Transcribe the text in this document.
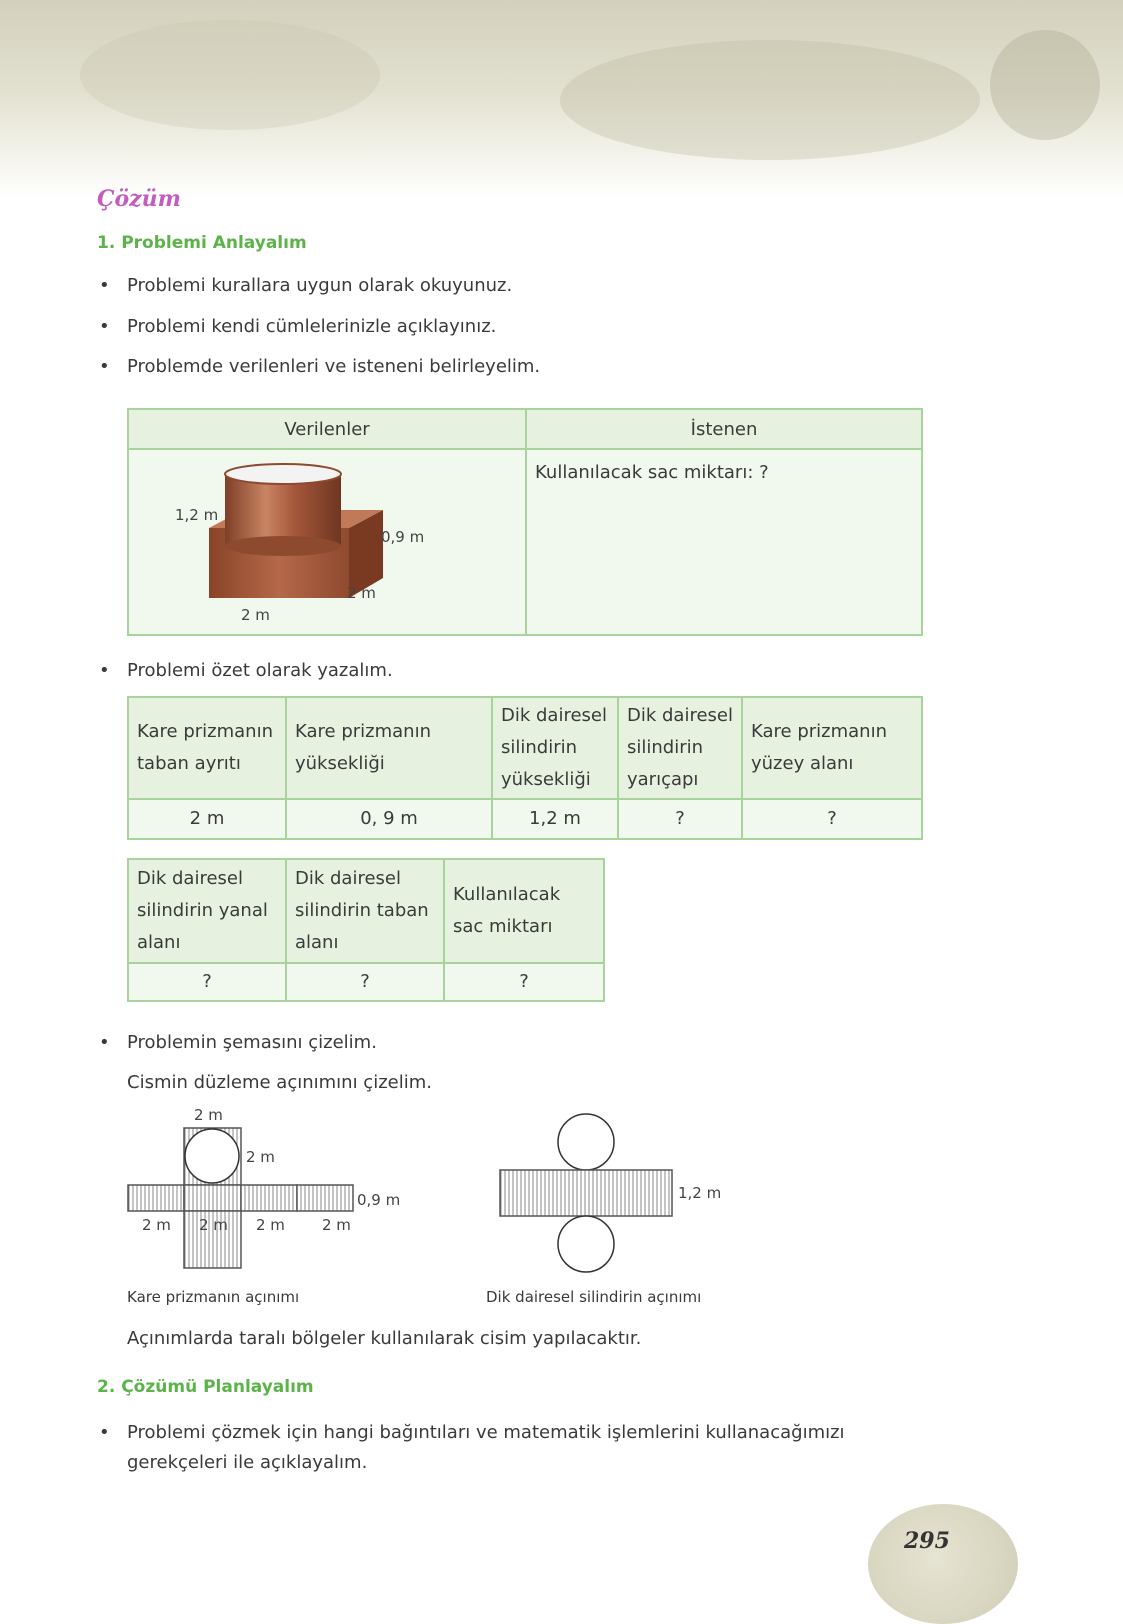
Çözüm
1. Problemi Anlayalım
• Problemi kurallara uygun olarak okuyunuz.
• Problemi kendi cümlelerinizle açıklayınız.
• Problemde verilenleri ve isteneni belirleyelim.
Verilenler	İstenen

1,2 m
0,9 m
2 m
2 m	Kullanılacak sac miktarı: ?
• Problemi özet olarak yazalım.
Kare prizmanın taban ayrıtı	Kare prizmanın yüksekliği	Dik dairesel silindirin yüksekliği	Dik dairesel silindirin yarıçapı	Kare prizmanın yüzey alanı
2 m	0, 9 m	1,2 m	?	?
Dik dairesel silindirin yanal alanı	Dik dairesel silindirin taban alanı	Kullanılacak sac miktarı
?	?	?
• Problemin şemasını çizelim.
Cismin düzleme açınımını çizelim.
2 m
2 m
0,9 m
2 m 2 m 2 m 2 m
1,2 m
Kare prizmanın açınımı	Dik dairesel silindirin açınımı
Açınımlarda taralı bölgeler kullanılarak cisim yapılacaktır.
2. Çözümü Planlayalım
• Problemi çözmek için hangi bağıntıları ve matematik işlemlerini kullanacağımızı gerekçeleri ile açıklayalım.
295
